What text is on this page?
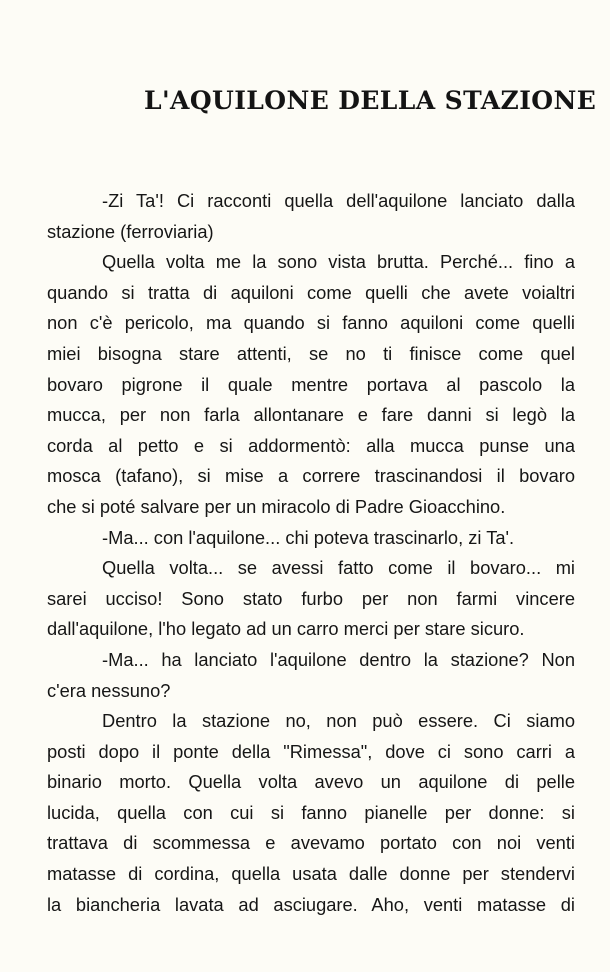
L'AQUILONE DELLA STAZIONE
-Zi Ta'! Ci racconti quella dell'aquilone lanciato dalla
stazione (ferroviaria)
Quella volta me la sono vista brutta. Perché... fino a
quando si tratta di aquiloni come quelli che avete voialtri
non c'è pericolo, ma quando si fanno aquiloni come quelli
miei bisogna stare attenti, se no ti finisce come quel
bovaro pigrone il quale mentre portava al pascolo la
mucca, per non farla allontanare e fare danni si legò la
corda al petto e si addormentò: alla mucca punse una
mosca (tafano), si mise a correre trascinandosi il bovaro
che si poté salvare per un miracolo di Padre Gioacchino.
-Ma... con l'aquilone... chi poteva trascinarlo, zi Ta'.
Quella volta... se avessi fatto come il bovaro... mi
sarei ucciso! Sono stato furbo per non farmi vincere
dall'aquilone, l'ho legato ad un carro merci per stare sicuro.
-Ma... ha lanciato l'aquilone dentro la stazione? Non
c'era nessuno?
Dentro la stazione no, non può essere. Ci siamo
posti dopo il ponte della "Rimessa", dove ci sono carri a
binario morto. Quella volta avevo un aquilone di pelle
lucida, quella con cui si fanno pianelle per donne: si
trattava di scommessa e avevamo portato con noi venti
matasse di cordina, quella usata dalle donne per stendervi
la biancheria lavata ad asciugare. Aho, venti matasse di
